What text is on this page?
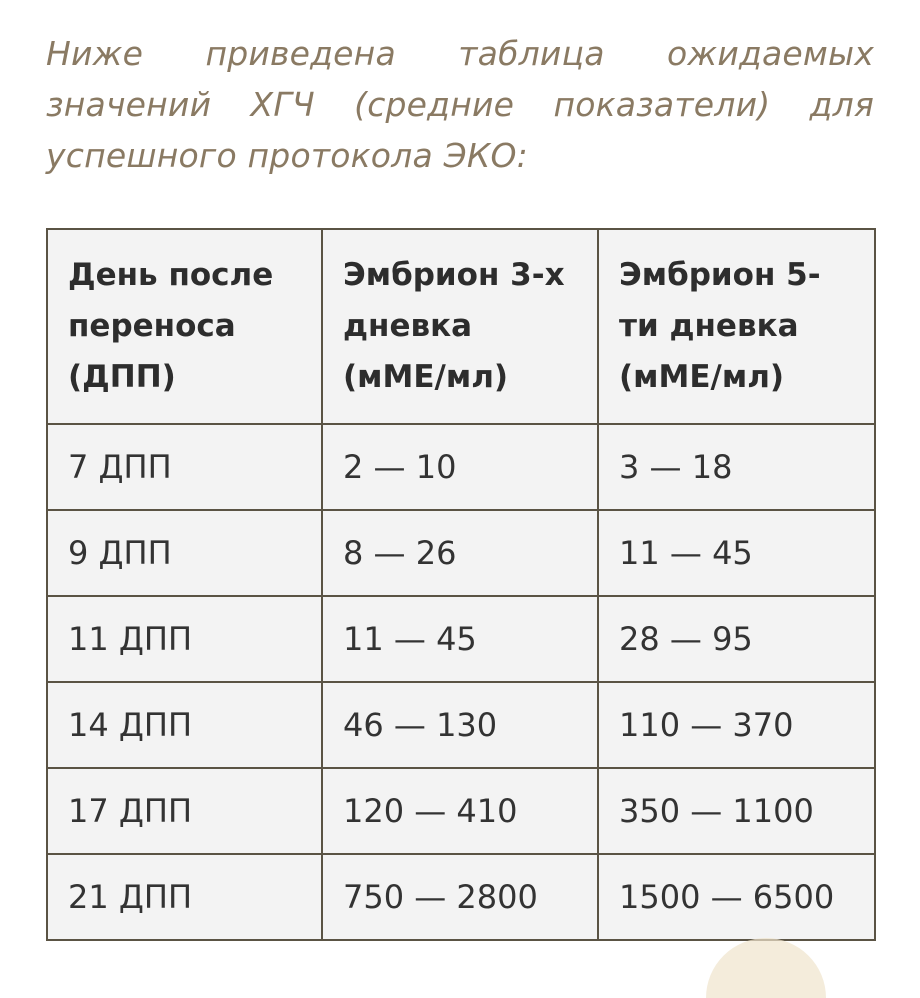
Ниже приведена таблица ожидаемых значений ХГЧ (средние показатели) для успешного протокола ЭКО:

День после переноса (ДПП)	Эмбрион 3-х дневка (мМЕ/мл)	Эмбрион 5-ти дневка (мМЕ/мл)
7 ДПП	2 — 10	3 — 18
9 ДПП	8 — 26	11 — 45
11 ДПП	11 — 45	28 — 95
14 ДПП	46 — 130	110 — 370
17 ДПП	120 — 410	350 — 1100
21 ДПП	750 — 2800	1500 — 6500
